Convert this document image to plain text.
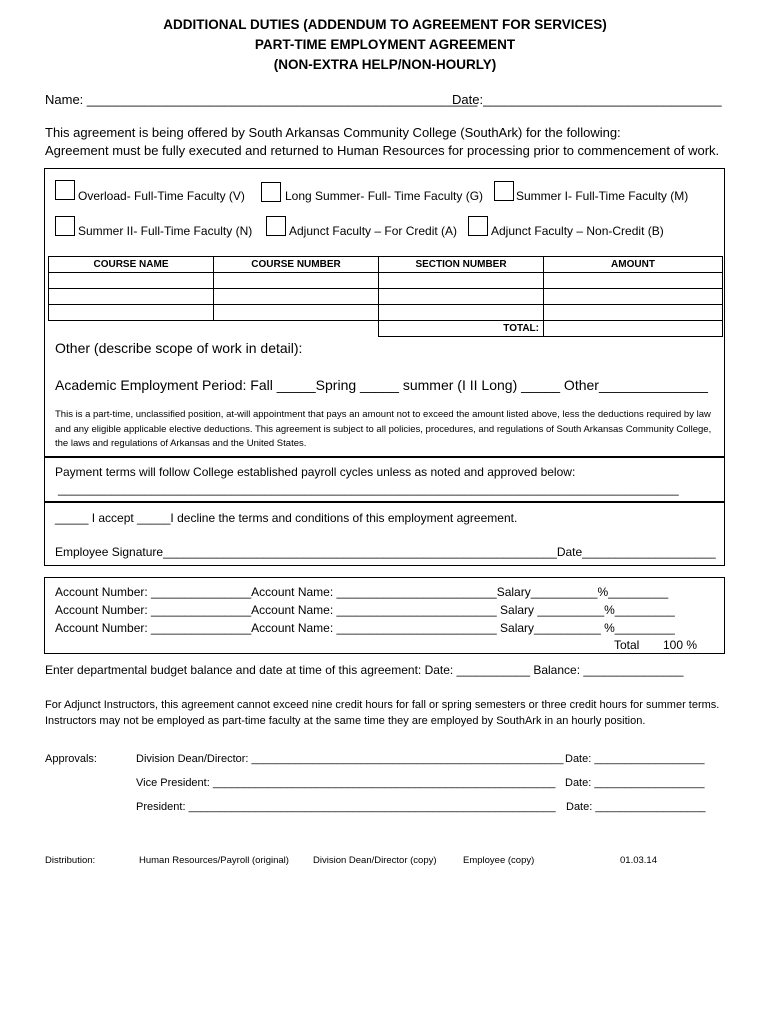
ADDITIONAL DUTIES (ADDENDUM TO AGREEMENT FOR SERVICES)
PART-TIME EMPLOYMENT AGREEMENT
(NON-EXTRA HELP/NON-HOURLY)
Name: ______________________________________________________
Date:_________________________________
This agreement is being offered by South Arkansas Community College (SouthArk) for the following:
Agreement must be fully executed and returned to Human Resources for processing prior to commencement of work.
Overload- Full-Time Faculty (V)	Long Summer- Full- Time Faculty (G)	Summer I- Full-Time Faculty (M)
Summer II- Full-Time Faculty (N)	Adjunct Faculty – For Credit (A)	Adjunct Faculty – Non-Credit (B)
COURSE NAME	COURSE NUMBER	SECTION NUMBER	AMOUNT

		TOTAL:	
Other (describe scope of work in detail):
Academic Employment Period: Fall _____Spring _____ summer (I II Long) _____ Other______________
This is a part-time, unclassified position, at-will appointment that pays an amount not to exceed the amount listed above, less the deductions required by law and any eligible applicable elective deductions. This agreement is subject to all policies, procedures, and regulations of South Arkansas Community College, the laws and regulations of Arkansas and the United States.
Payment terms will follow College established payroll cycles unless as noted and approved below:
_____________________________________________________________________________________________
_____ I accept _____I decline the terms and conditions of this employment agreement.
Employee Signature___________________________________________________________Date____________________
Account Number: _______________Account Name: ________________________Salary__________%_________
Account Number: _______________Account Name: ________________________ Salary __________%_________
Account Number: _______________Account Name: ________________________ Salary__________ %_________
Total 100 %
Enter departmental budget balance and date at time of this agreement: Date: ___________ Balance: _______________
For Adjunct Instructors, this agreement cannot exceed nine credit hours for fall or spring semesters or three credit hours for summer terms. Instructors may not be employed as part-time faculty at the same time they are employed by SouthArk in an hourly position.
Approvals:	Division Dean/Director: ___________________________________________________ Date: __________________
Vice President: ________________________________________________________ Date: __________________
President: ____________________________________________________________ Date: __________________
Distribution:	Human Resources/Payroll (original)	Division Dean/Director (copy)	Employee (copy)	01.03.14
